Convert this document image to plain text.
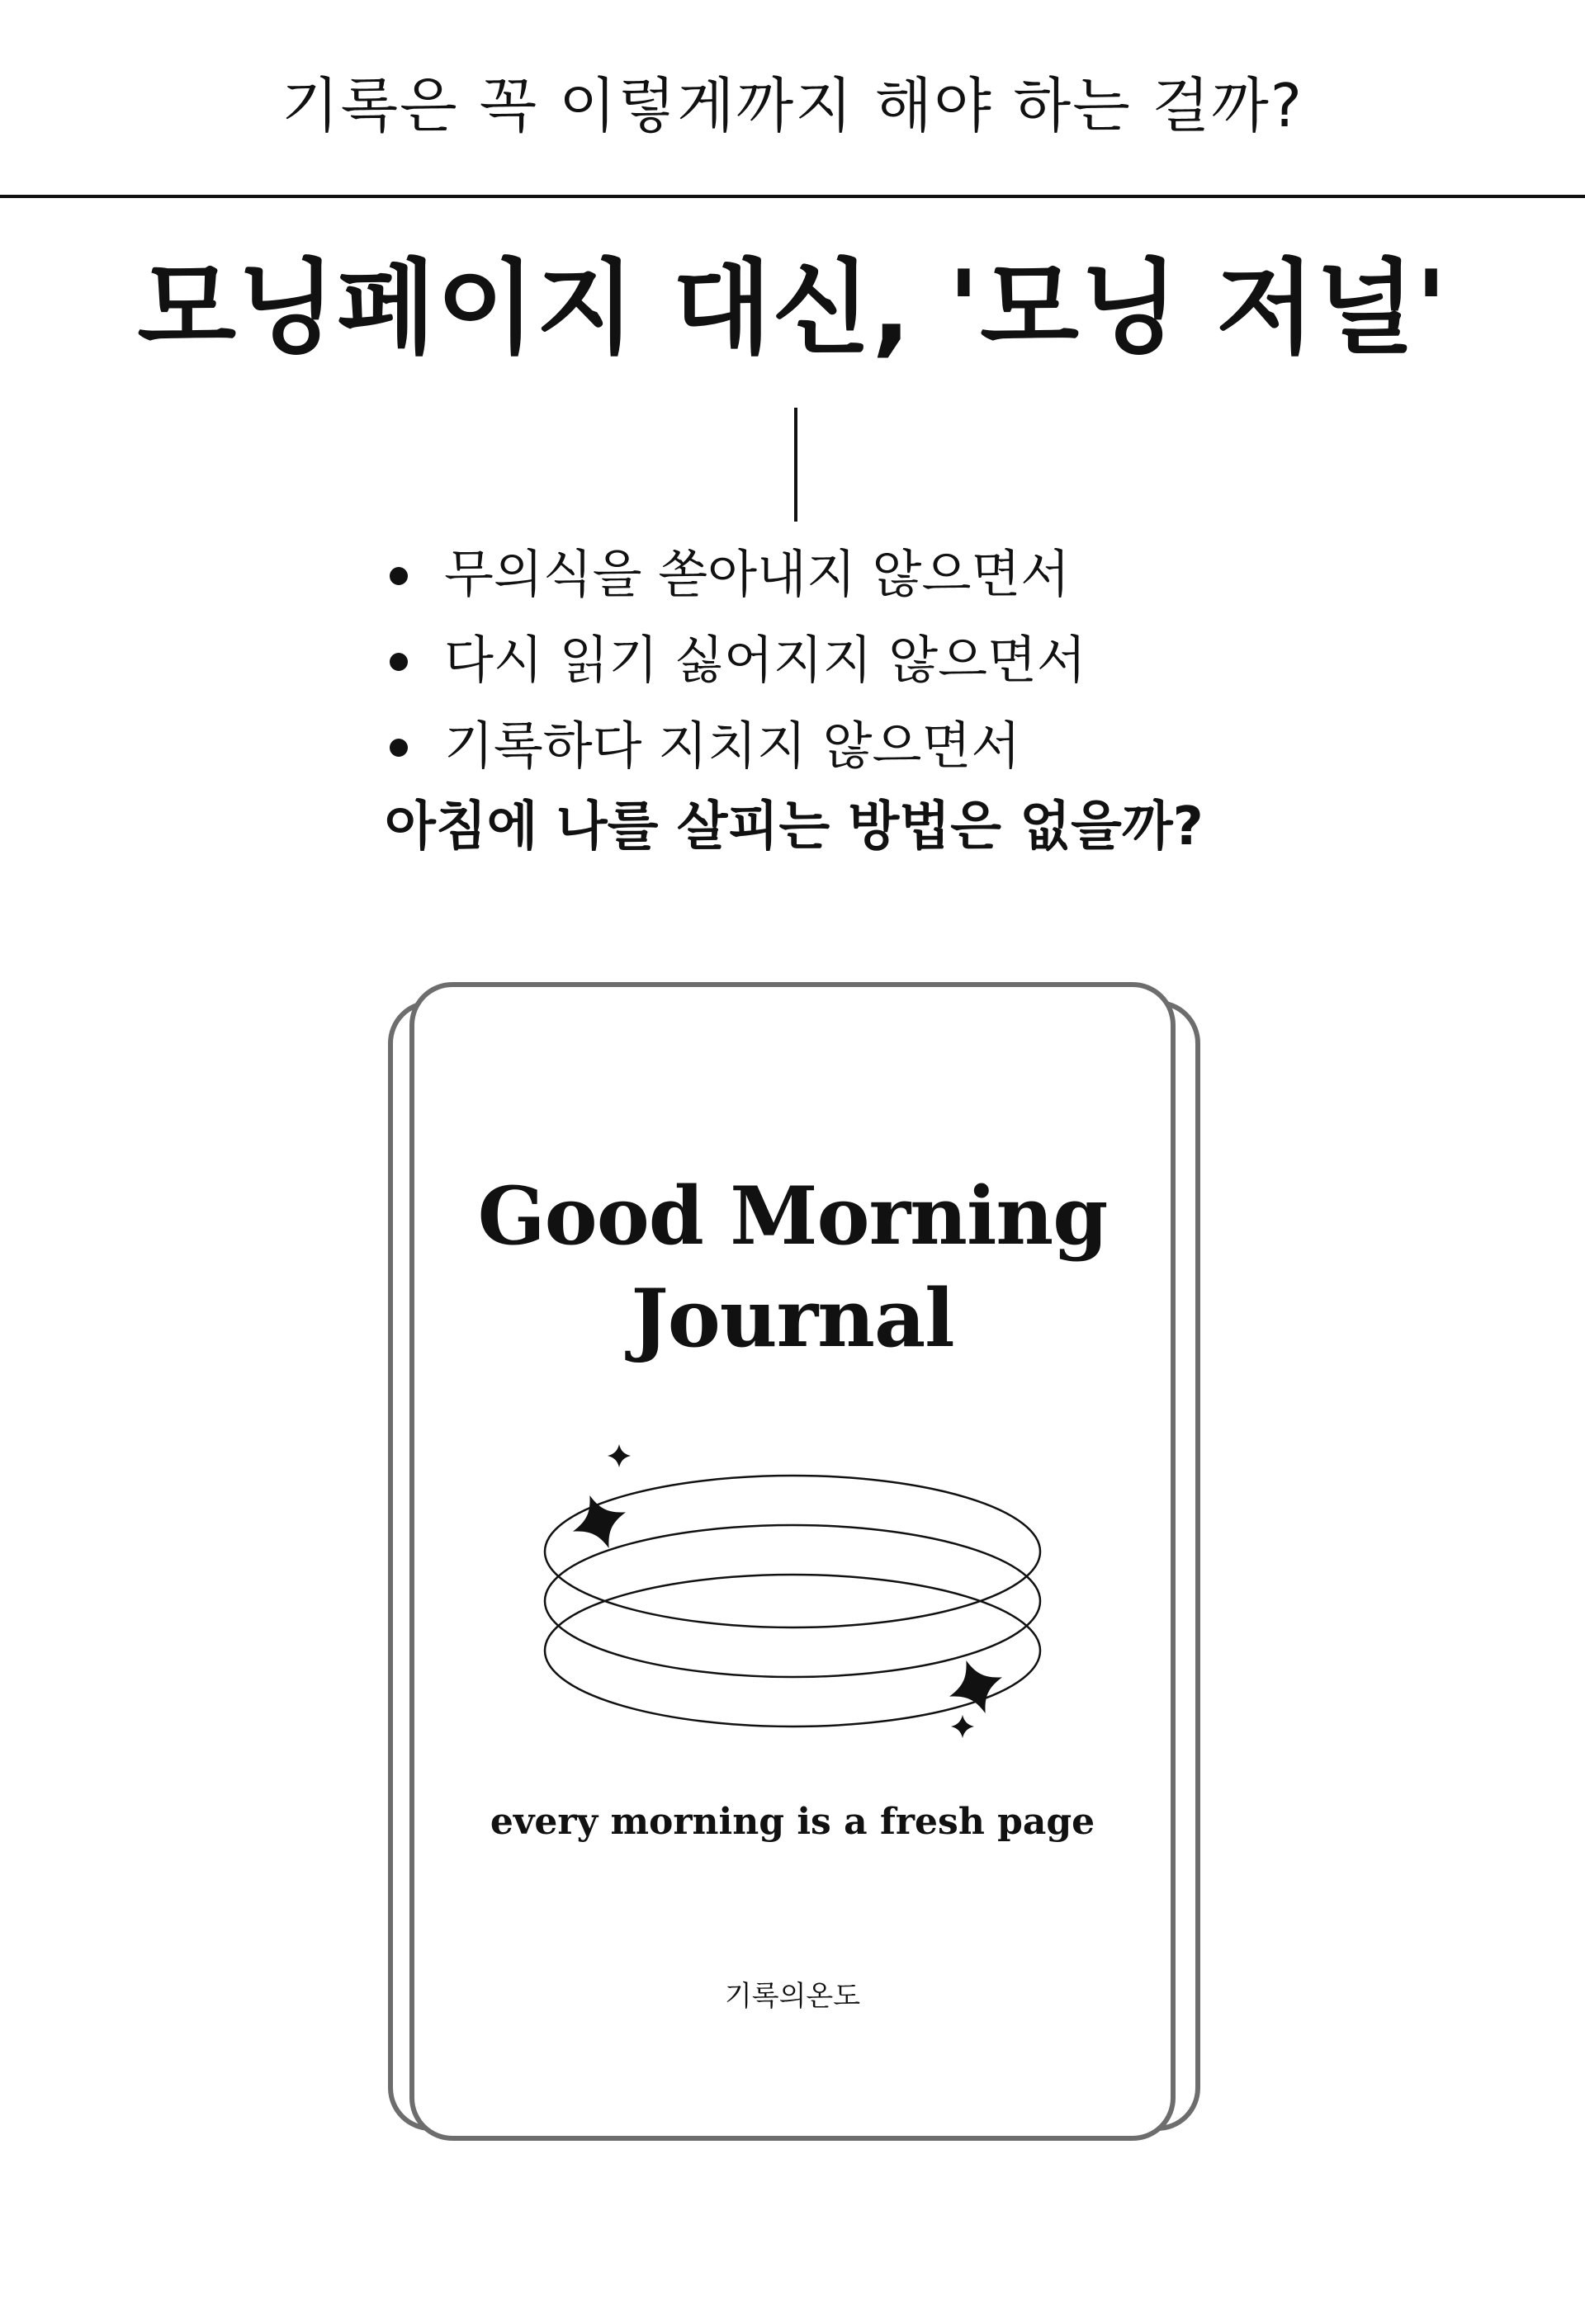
기록은 꼭 이렇게까지 해야 하는 걸까?
모닝페이지 대신, '모닝 저널'
무의식을 쏟아내지 않으면서
다시 읽기 싫어지지 않으면서
기록하다 지치지 않으면서
아침에 나를 살피는 방법은 없을까?
Good Morning
Journal
every morning is a fresh page
기록의온도
